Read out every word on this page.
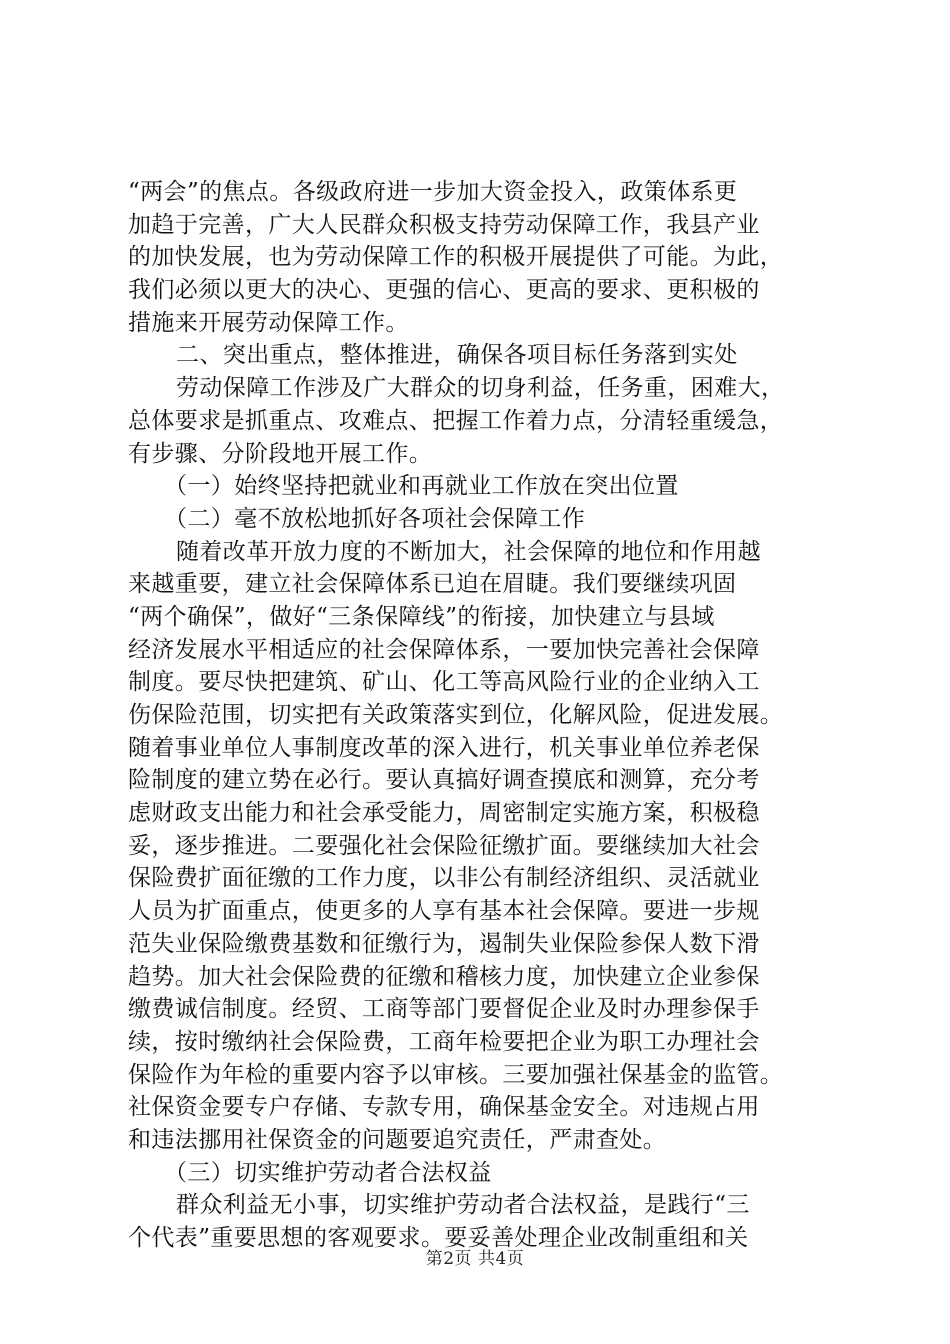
“两会”的焦点。各级政府进一步加大资金投入，政策体系更
加趋于完善，广大人民群众积极支持劳动保障工作，我县产业
的加快发展，也为劳动保障工作的积极开展提供了可能。为此，
我们必须以更大的决心、更强的信心、更高的要求、更积极的
措施来开展劳动保障工作。
二、突出重点，整体推进，确保各项目标任务落到实处
劳动保障工作涉及广大群众的切身利益，任务重，困难大，
总体要求是抓重点、攻难点、把握工作着力点，分清轻重缓急，
有步骤、分阶段地开展工作。
（一）始终坚持把就业和再就业工作放在突出位置
（二）毫不放松地抓好各项社会保障工作
随着改革开放力度的不断加大，社会保障的地位和作用越
来越重要，建立社会保障体系已迫在眉睫。我们要继续巩固
“两个确保”，做好“三条保障线”的衔接，加快建立与县域
经济发展水平相适应的社会保障体系，一要加快完善社会保障
制度。要尽快把建筑、矿山、化工等高风险行业的企业纳入工
伤保险范围，切实把有关政策落实到位，化解风险，促进发展。
随着事业单位人事制度改革的深入进行，机关事业单位养老保
险制度的建立势在必行。要认真搞好调查摸底和测算，充分考
虑财政支出能力和社会承受能力，周密制定实施方案，积极稳
妥，逐步推进。二要强化社会保险征缴扩面。要继续加大社会
保险费扩面征缴的工作力度，以非公有制经济组织、灵活就业
人员为扩面重点，使更多的人享有基本社会保障。要进一步规
范失业保险缴费基数和征缴行为，遏制失业保险参保人数下滑
趋势。加大社会保险费的征缴和稽核力度，加快建立企业参保
缴费诚信制度。经贸、工商等部门要督促企业及时办理参保手
续，按时缴纳社会保险费，工商年检要把企业为职工办理社会
保险作为年检的重要内容予以审核。三要加强社保基金的监管。
社保资金要专户存储、专款专用，确保基金安全。对违规占用
和违法挪用社保资金的问题要追究责任，严肃查处。
（三）切实维护劳动者合法权益
群众利益无小事，切实维护劳动者合法权益，是践行“三
个代表”重要思想的客观要求。要妥善处理企业改制重组和关
第2页 共4页
